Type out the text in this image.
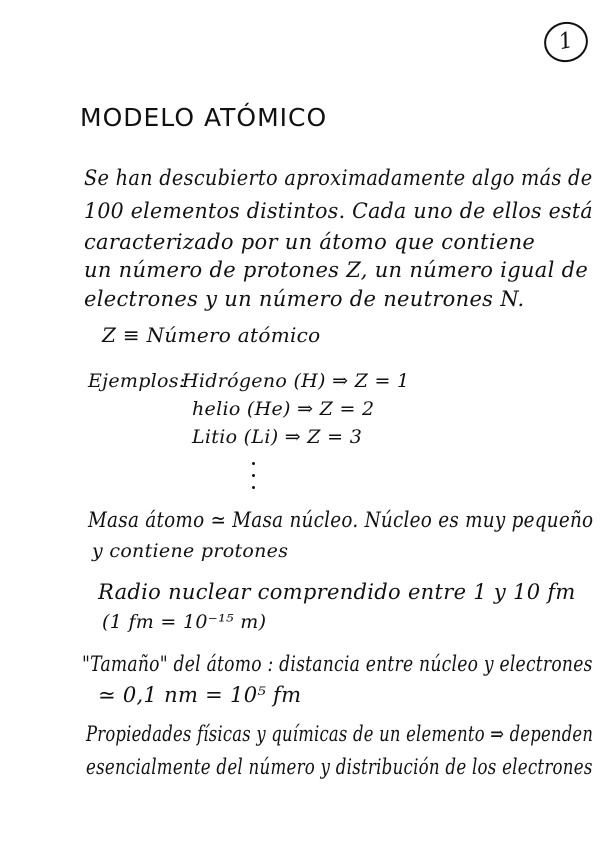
1
MODELO ATÓMICO
Se han descubierto aproximadamente algo más de
100 elementos distintos. Cada uno de ellos está
caracterizado por un átomo que contiene
un número de protones Z, un número igual de
electrones y un número de neutrones N.
Z ≡ Número atómico
Ejemplos:
Hidrógeno (H) ⇒ Z = 1
helio (He) ⇒ Z = 2
Litio (Li) ⇒ Z = 3
Masa átomo ≃ Masa núcleo. Núcleo es muy pequeño
y contiene protones
Radio nuclear comprendido entre 1 y 10 fm
(1 fm = 10⁻¹⁵ m)
"Tamaño" del átomo : distancia entre núcleo y electrones
≃ 0,1 nm = 10⁵ fm
Propiedades físicas y químicas de un elemento ⇒ dependen
esencialmente del número y distribución de los electrones
